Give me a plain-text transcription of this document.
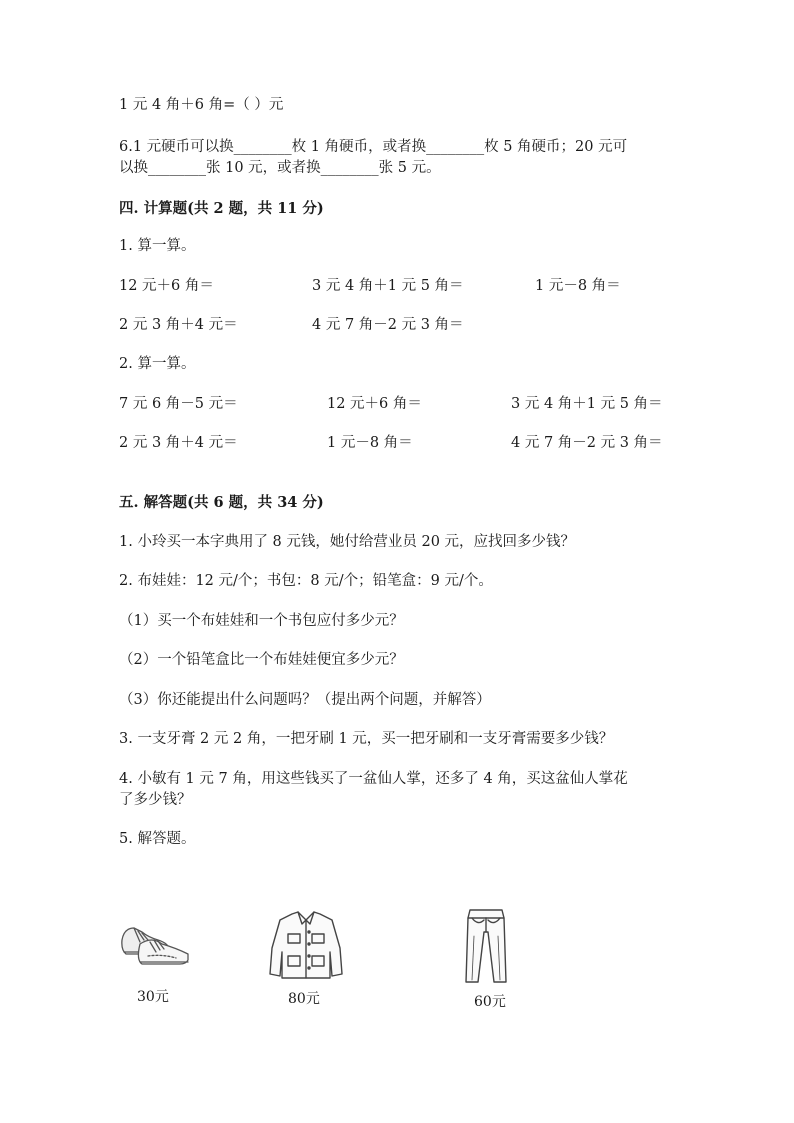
1 元 4 角＋6 角=（ ）元
6.1 元硬币可以换________枚 1 角硬币，或者换________枚 5 角硬币；20 元可
以换________张 10 元，或者换________张 5 元。
四. 计算题(共 2 题，共 11 分)
1. 算一算。
12 元＋6 角＝	3 元 4 角＋1 元 5 角＝	1 元－8 角＝
2 元 3 角＋4 元＝	4 元 7 角－2 元 3 角＝
2. 算一算。
7 元 6 角－5 元＝	12 元＋6 角＝	3 元 4 角＋1 元 5 角＝
2 元 3 角＋4 元＝	1 元－8 角＝	4 元 7 角－2 元 3 角＝
五. 解答题(共 6 题，共 34 分)
1. 小玲买一本字典用了 8 元钱，她付给营业员 20 元，应找回多少钱？
2. 布娃娃：12 元/个；书包：8 元/个；铅笔盒：9 元/个。
（1）买一个布娃娃和一个书包应付多少元？
（2）一个铅笔盒比一个布娃娃便宜多少元？
（3）你还能提出什么问题吗？（提出两个问题，并解答）
3. 一支牙膏 2 元 2 角，一把牙刷 1 元，买一把牙刷和一支牙膏需要多少钱？
4. 小敏有 1 元 7 角，用这些钱买了一盆仙人掌，还多了 4 角，买这盆仙人掌花
了多少钱？
5. 解答题。
30元	80元	60元
